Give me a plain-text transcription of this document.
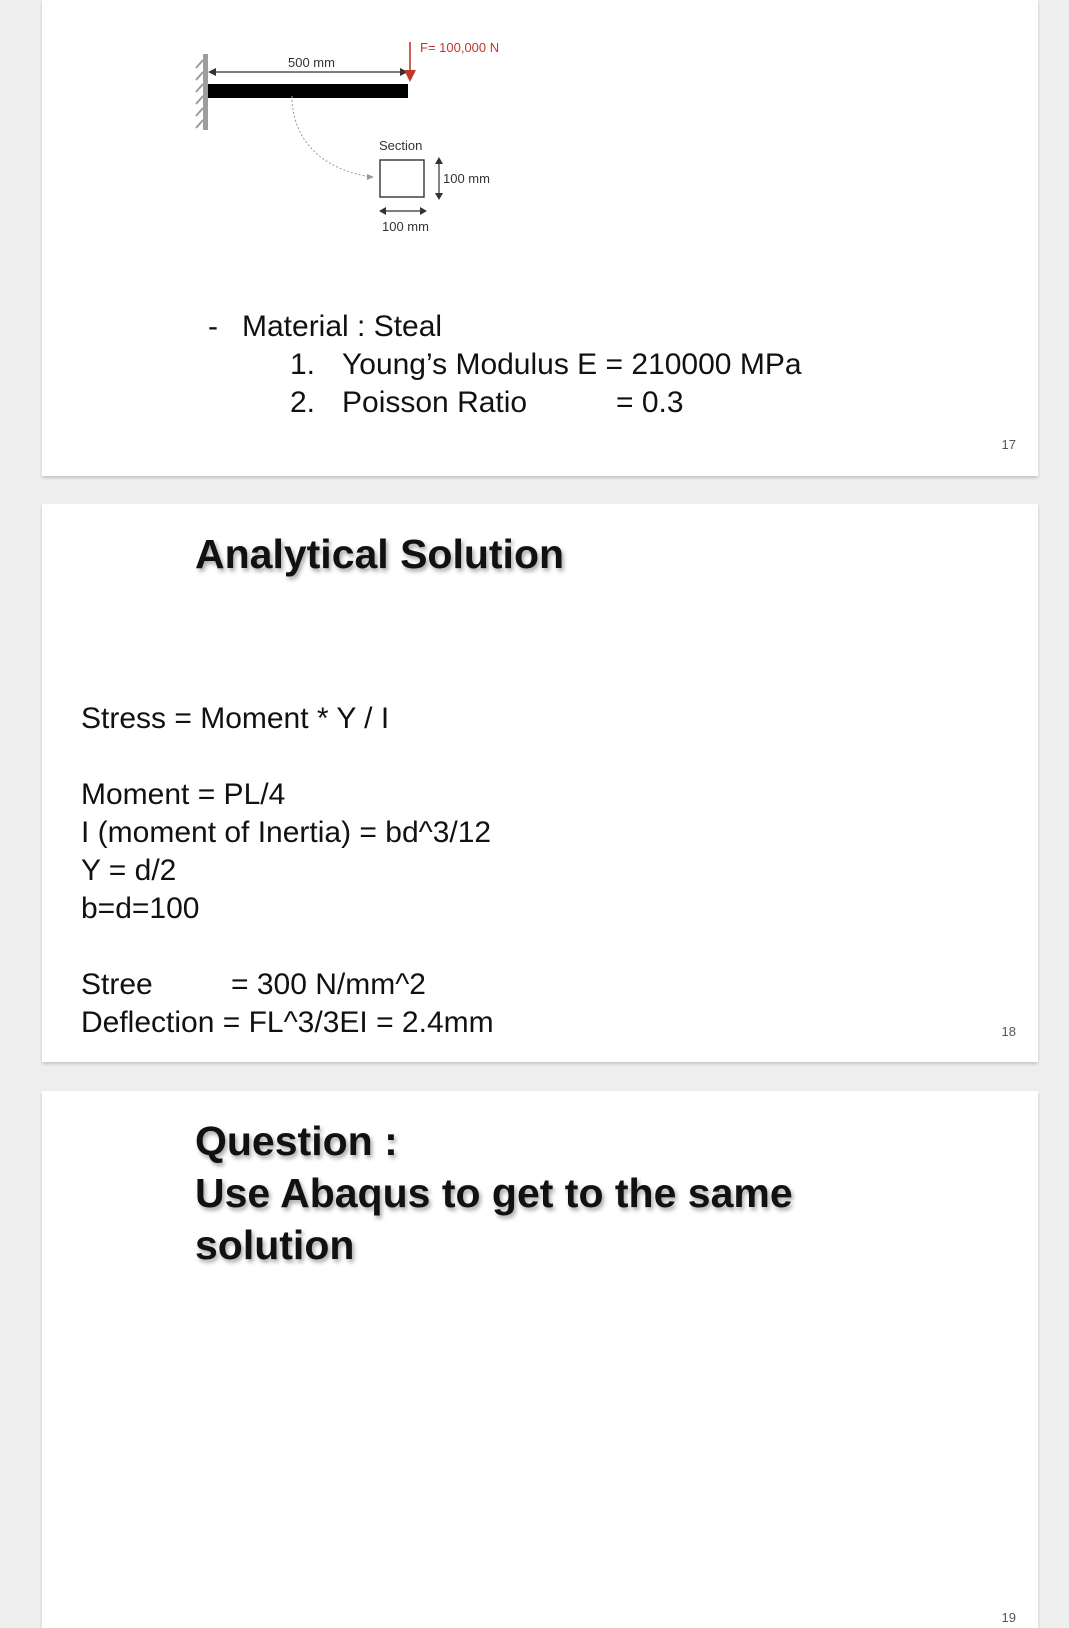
500 mm
F= 100,000 N
Section
100 mm
100 mm
- Material : Steal
1. Young’s Modulus E = 210000 MPa
2. Poisson Ratio	= 0.3
17
Analytical Solution
Stress = Moment * Y / I
Moment = PL/4
I (moment of Inertia) = bd^3/12
Y = d/2
b=d=100
Stree	= 300 N/mm^2
Deflection = FL^3/3EI = 2.4mm	18
Question :
Use Abaqus to get to the same
solution
19
